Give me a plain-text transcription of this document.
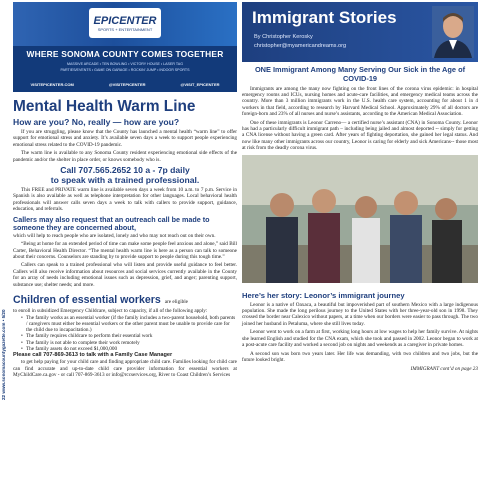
22 www.sonomacountygazette.com • 5/20
EPICENTER
SPORTS + ENTERTAINMENT
WHERE SONOMA COUNTY COMES TOGETHER
MASSIVE ARCADE • TEN BOWLING • VICTORY HOUSE • LASER TAG
PARTIES/EVENTS • GAME ON GARAGE • ROCKIN' JUMP • INDOOR SPORTS
VISITEPICENTER.COM	@VISITEPICENTER	@VISIT_EPICENTER
Mental Health Warm Line
How are you? No, really — how are you?

If you are struggling, please know that the County has launched a mental health “warm line” to offer support for emotional stress and anxiety. It’s available seven days a week to support people experiencing emotional stress related to the COVID-19 pandemic.

The warm line is available to any Sonoma County resident experiencing emotional side effects of the pandemic and/or the shelter in place order, or knows somebody who is.

Call 707.565.2652 10 a - 7p daily
to speak with a trained professional.

This FREE and PRIVATE warm line is available seven days a week from 10 a.m. to 7 p.m. Service in Spanish is also available as well as telephone interpretation for other languages. Local behavioral health professionals will answer calls seven days a week to talk with callers to provide support, guidance, education, and referrals.

Callers may also request that an outreach call be made to someone they are concerned about,

which will help to reach people who are isolated, lonely and who may not reach out on their own.

“Being at home for an extended period of time can make some people feel anxious and alone,” said Bill Carter, Behavioral Health Director. “The mental health warm line is here as a person can talk to someone about their concerns. Counselors are standing by to provide support to people during this tough time.”

Callers can speak to a trained professional who will listen and provide useful guidance to feel better. Callers will also receive information about resources and social services currently available in the County for an array of needs including emotional issues such as depression, grief, and anger; parenting support, substance use; shelter needs; and more.

Children of essential workers are eligible

to enroll in subsidized Emergency Childcare, subject to capacity, if all of the following apply:

• The family works as an essential worker (if the family includes a two-parent household, both parents / caregivers must either be essential workers or the other parent must be unable to provide care for the child due to incapacitation.)
• The family requires childcare to perform their essential work
• The family is not able to complete their work remotely
• The family assets do not exceed $1,000,000
Please call 707-869-3613 to talk with a Family Case Manager

to get help paying for your child care and finding appropriate child care. Families looking for child care can find accurate and up-to-date child care provider information for essential workers at MyChildCare.ca.gov - or call 707-869-3613 or info@rccservices.org, River to Coast Children’s Services

Immigrant Stories
By Christopher Kerosky
christopher@myamericandreams.org
ONE Immigrant Among Many Serving Our Sick in the Age of COVID-19

Immigrants are among the many now fighting on the front lines of the corona virus epidemic: in hospital emergency rooms and ICUs, nursing homes and acute-care facilities, and emergency medical teams across the country. More than 3 million immigrants work in the U.S. health care system, accounting for about 1 in 4 workers in that field, according to research by Harvard Medical School. Approximately 29% of all doctors are foreign-born and 23% of all nurses and nurse’s assistants, according to the American Medical Association.

One of these immigrants is Leonor Carreno— a certified nurse’s assistant (CNA) in Sonoma County. Leonor has had a particularly difficult immigrant path – including being jailed and almost deported -- simply for getting a CNA license without having a green card. After years of fighting deportation, she gained her legal status. And now like many other immigrants across our country, Leonor is caring for elderly and sick Americans-- those most at risk from the deadly corona virus.

Here’s her story: Leonor’s immigrant journey

Leonor is a native of Oaxaca, a beautiful but impoverished part of southern Mexico with a large indigenous population. She made the long perilous journey to the United States with her three-year-old son in 1998. They crossed the border near Calexico without papers, at a time when our borders were easier to pass through. The two joined her husband in Petaluma, where she still lives today.

Leonor went to work on a farm at first, working long hours at low wages to help her family survive. At nights she learned English and studied for the CNA exam, which she took and passed in 2002. Leonor began to work at a post-acute care facility and worked a second job on nights and weekends as a caregiver in private homes.

A second son was born two years later. Her life was demanding, with two children and two jobs, but the future looked bright.

IMMIGRANT cont’d on page 23
